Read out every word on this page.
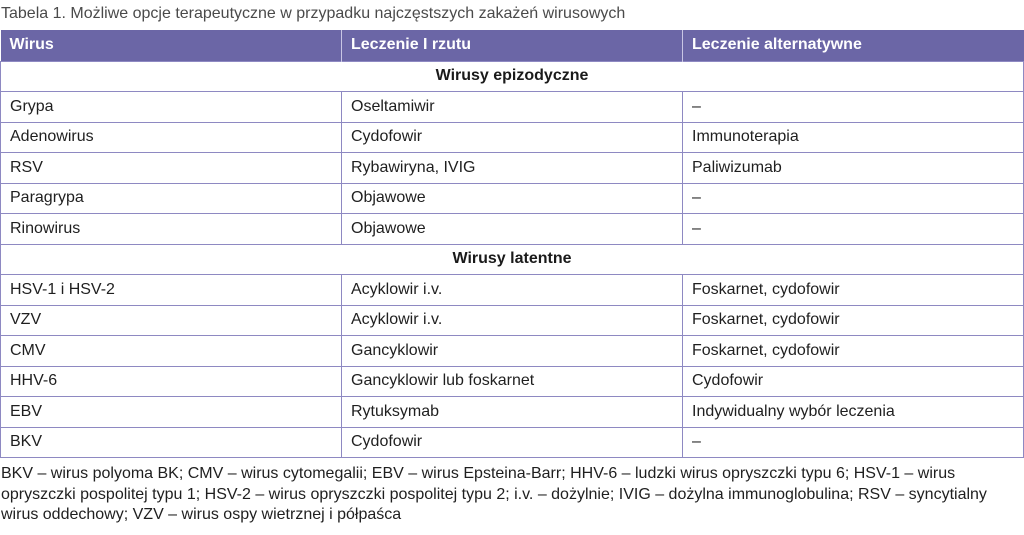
Tabela 1. Możliwe opcje terapeutyczne w przypadku najczęstszych zakażeń wirusowych
Wirus	Leczenie I rzutu	Leczenie alternatywne
Wirusy epizodyczne		
Grypa	Oseltamiwir	–
Adenowirus	Cydofowir	Immunoterapia
RSV	Rybawiryna, IVIG	Paliwizumab
Paragrypa	Objawowe	–
Rinowirus	Objawowe	–
Wirusy latentne		
HSV-1 i HSV-2	Acyklowir i.v.	Foskarnet, cydofowir
VZV	Acyklowir i.v.	Foskarnet, cydofowir
CMV	Gancyklowir	Foskarnet, cydofowir
HHV-6	Gancyklowir lub foskarnet	Cydofowir
EBV	Rytuksymab	Indywidualny wybór leczenia
BKV	Cydofowir	–
BKV – wirus polyoma BK; CMV – wirus cytomegalii; EBV – wirus Epsteina-Barr; HHV-6 – ludzki wirus opryszczki typu 6; HSV-1 – wirus opryszczki pospolitej typu 1; HSV-2 – wirus opryszczki pospolitej typu 2; i.v. – dożylnie; IVIG – dożylna immunoglobulina; RSV – syncytialny wirus oddechowy; VZV – wirus ospy wietrznej i półpaśca
